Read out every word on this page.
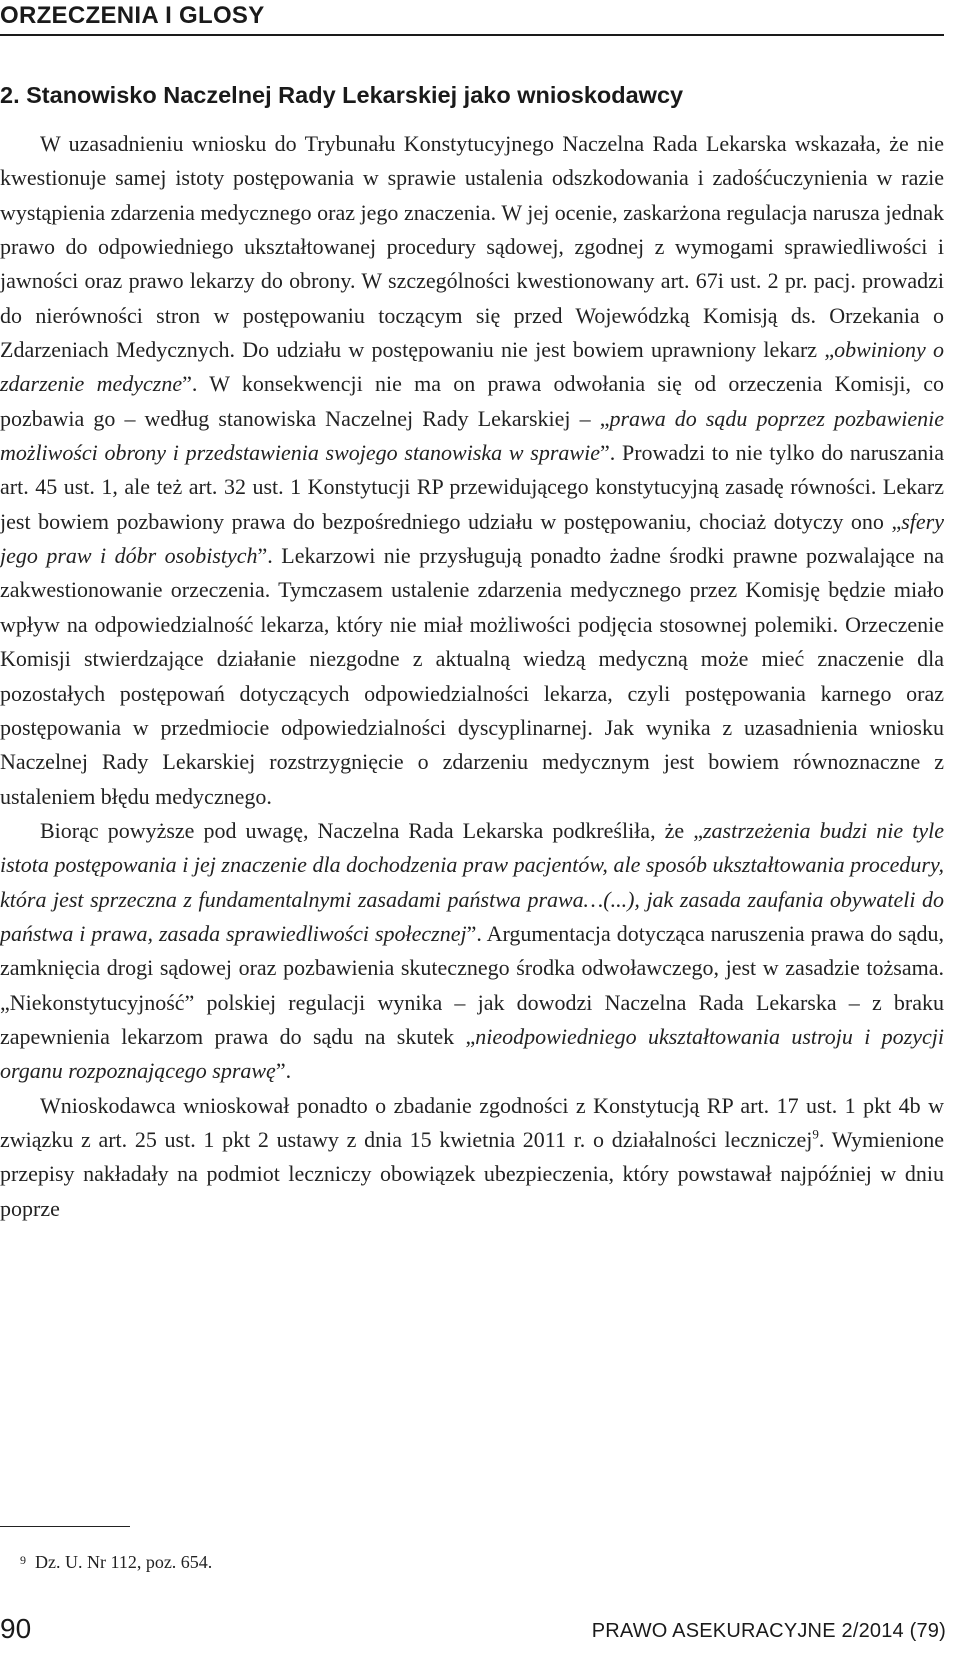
ORZECZENIA I GLOSY
2. Stanowisko Naczelnej Rady Lekarskiej jako wnioskodawcy

W uzasadnieniu wniosku do Trybunału Konstytucyjnego Naczelna Rada Lekarska wskazała, że nie kwestionuje samej istoty postępowania w sprawie ustalenia odszkodowania i zadośćuczynienia w razie wystąpienia zdarzenia medycznego oraz jego znaczenia. W jej ocenie, zaskarżona regulacja narusza jednak prawo do odpowiedniego ukształtowanej procedury sądowej, zgodnej z wymogami sprawiedliwości i jawności oraz prawo lekarzy do obrony. W szczególności kwestionowany art. 67i ust. 2 pr. pacj. prowadzi do nierówności stron w postępowaniu toczącym się przed Wojewódzką Komisją ds. Orzekania o Zdarzeniach Medycznych. Do udziału w postępowaniu nie jest bowiem uprawniony lekarz „obwiniony o zdarzenie medyczne”. W konsekwencji nie ma on prawa odwołania się od orzeczenia Komisji, co pozbawia go – według stanowiska Naczelnej Rady Lekarskiej – „prawa do sądu poprzez pozbawienie możliwości obrony i przedstawienia swojego stanowiska w sprawie”. Prowadzi to nie tylko do naruszania art. 45 ust. 1, ale też art. 32 ust. 1 Konstytucji RP przewidującego konstytucyjną zasadę równości. Lekarz jest bowiem pozbawiony prawa do bezpośredniego udziału w postępowaniu, chociaż dotyczy ono „sfery jego praw i dóbr osobistych”. Lekarzowi nie przysługują ponadto żadne środki prawne pozwalające na zakwestionowanie orzeczenia. Tymczasem ustalenie zdarzenia medycznego przez Komisję będzie miało wpływ na odpowiedzialność lekarza, który nie miał możliwości podjęcia stosownej polemiki. Orzeczenie Komisji stwierdzające działanie niezgodne z aktualną wiedzą medyczną może mieć znaczenie dla pozostałych postępowań dotyczących odpowiedzialności lekarza, czyli postępowania karnego oraz postępowania w przedmiocie odpowiedzialności dyscyplinarnej. Jak wynika z uzasadnienia wniosku Naczelnej Rady Lekarskiej rozstrzygnięcie o zdarzeniu medycznym jest bowiem równoznaczne z ustaleniem błędu medycznego.

Biorąc powyższe pod uwagę, Naczelna Rada Lekarska podkreśliła, że „zastrzeżenia budzi nie tyle istota postępowania i jej znaczenie dla dochodzenia praw pacjentów, ale sposób ukształtowania procedury, która jest sprzeczna z fundamentalnymi zasadami państwa prawa…(...), jak zasada zaufania obywateli do państwa i prawa, zasada sprawiedliwości społecznej”. Argumentacja dotycząca naruszenia prawa do sądu, zamknięcia drogi sądowej oraz pozbawienia skutecznego środka odwoławczego, jest w zasadzie tożsama. „Niekonstytucyjność” polskiej regulacji wynika – jak dowodzi Naczelna Rada Lekarska – z braku zapewnienia lekarzom prawa do sądu na skutek „nieodpowiedniego ukształtowania ustroju i pozycji organu rozpoznającego sprawę”.

Wnioskodawca wnioskował ponadto o zbadanie zgodności z Konstytucją RP art. 17 ust. 1 pkt 4b w związku z art. 25 ust. 1 pkt 2 ustawy z dnia 15 kwietnia 2011 r. o działalności leczniczej$^9$. Wymienione przepisy nakładały na podmiot leczniczy obowiązek ubezpieczenia, który powstawał najpóźniej w dniu poprze

$^9$ Dz. U. Nr 112, poz. 654.
90	PRAWO ASEKURACYJNE 2/2014 (79)
